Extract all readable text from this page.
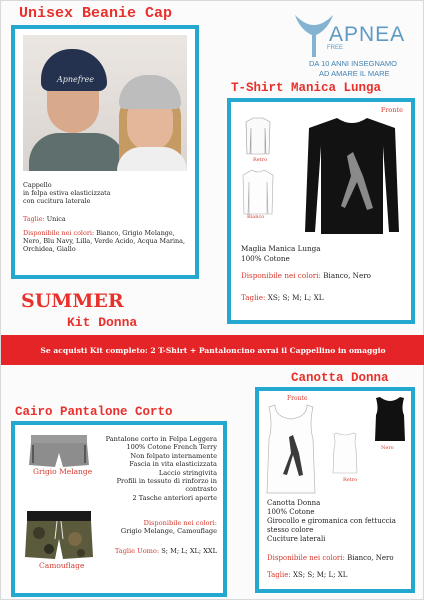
Unisex Beanie Cap
Apnefree
Cappello
in felpa estiva elasticizzata
con cucitura laterale
Taglie: Unica
Disponibile nei colori: Bianco, Grigio Melange, Nero, Blu Navy, Lilla, Verde Acido, Acqua Marina, Orchidea, Giallo
APNEA
FREE
DA 10 ANNI INSEGNAMO
AD AMARE IL MARE
T-Shirt Manica Lunga
Fronte
Retro
Bianco
Maglia Manica Lunga
100% Cotone
Disponibile nei colori: Bianco, Nero
Taglie: XS; S; M; L; XL
SUMMER
Kit Donna
Se acquisti Kit completo: 2 T-Shirt + Pantaloncino avrai il Cappellino in omaggio
Canotta Donna
Fronte
Retro
Nero
Canotta Donna
100% Cotone
Girocollo e giromanica con fettuccia
stesso colore
Cuciture laterali
Disponibile nei colori: Bianco, Nero
Taglie: XS; S; M; L; XL
Cairo Pantalone Corto
Grigio Melange
Camouflage
Pantalone corto in Felpa Leggera
100% Cotone French Terry
Non felpato internamente
Fascia in vita elasticizzata
Laccio stringivita
Profili in tessuto di rinforzo in
contrasto
2 Tasche anteriori aperte
Disponibile nei colori:
Grigio Melange, Camouflage
Taglie Uomo: S; M; L; XL; XXL
